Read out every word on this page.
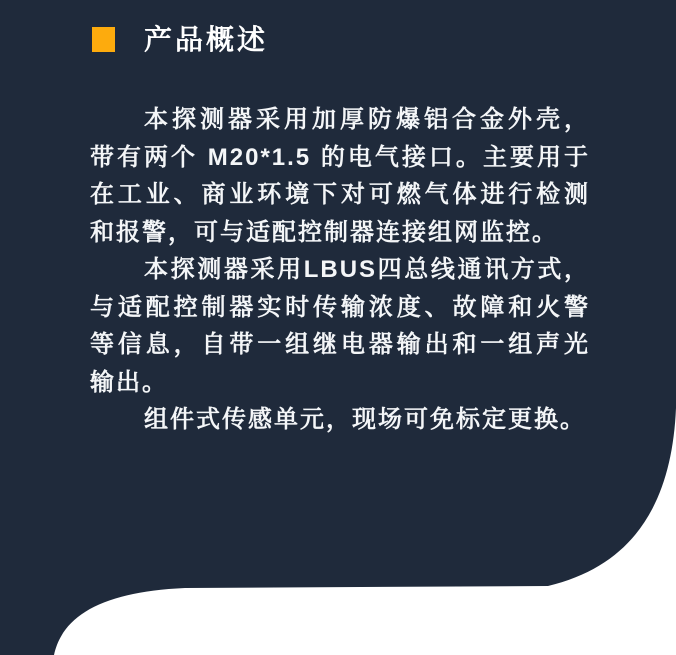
产品概述
本探测器采用加厚防爆铝合金外壳，
带有两个 M20*1.5 的电气接口。主要用于
在工业、商业环境下对可燃气体进行检测
和报警，可与适配控制器连接组网监控。
本探测器采用LBUS四总线通讯方式，
与适配控制器实时传输浓度、故障和火警
等信息，自带一组继电器输出和一组声光
输出。
组件式传感单元，现场可免标定更换。
